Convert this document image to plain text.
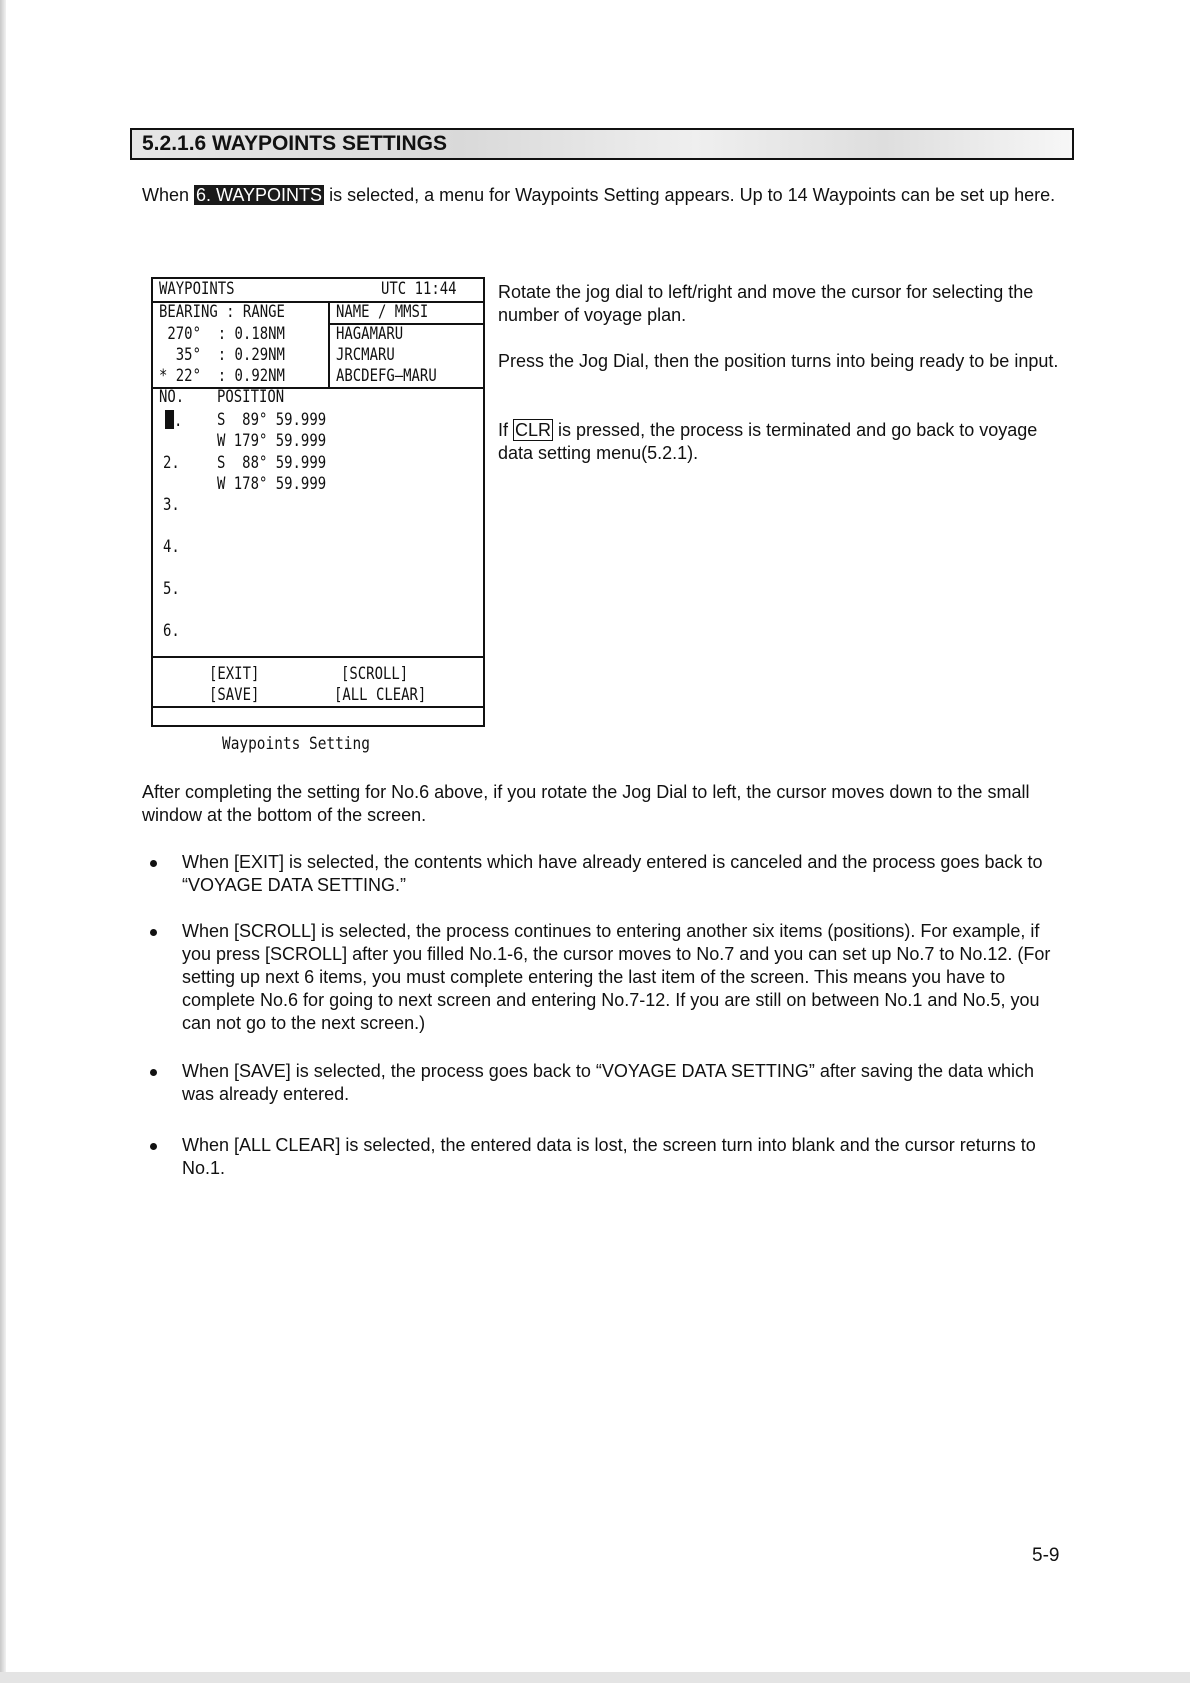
5.2.1.6 WAYPOINTS SETTINGS
When 6. WAYPOINTS is selected, a menu for Waypoints Setting appears. Up to 14 Waypoints can be set up here.
WAYPOINTS	UTC 11:44
BEARING : RANGE	NAME / MMSI
270°  : 0.18NM	HAGAMARU
35°  : 0.29NM	JRCMARU
* 22°  : 0.92NM	ABCDEFG—MARU
NO. POSITION
. S  89° 59.999
W 179° 59.999
2. S  88° 59.999
W 178° 59.999
3.
4.
5.
6.
[EXIT]	[SCROLL]
[SAVE]	[ALL CLEAR]
Waypoints Setting
Rotate the jog dial to left/right and move the cursor for selecting the number of voyage plan.
Press the Jog Dial, then the position turns into being ready to be input.
If CLR is pressed, the process is terminated and go back to voyage data setting menu(5.2.1).
After completing the setting for No.6 above, if you rotate the Jog Dial to left, the cursor moves down to the small window at the bottom of the screen.
When [EXIT] is selected, the contents which have already entered is canceled and the process goes back to “VOYAGE DATA SETTING.”
When [SCROLL] is selected, the process continues to entering another six items (positions). For example, if you press [SCROLL] after you filled No.1-6, the cursor moves to No.7 and you can set up No.7 to No.12. (For setting up next 6 items, you must complete entering the last item of the screen. This means you have to complete No.6 for going to next screen and entering No.7-12. If you are still on between No.1 and No.5, you can not go to the next screen.)
When [SAVE] is selected, the process goes back to “VOYAGE DATA SETTING” after saving the data which was already entered.
When [ALL CLEAR] is selected, the entered data is lost, the screen turn into blank and the cursor returns to No.1.
5-9
